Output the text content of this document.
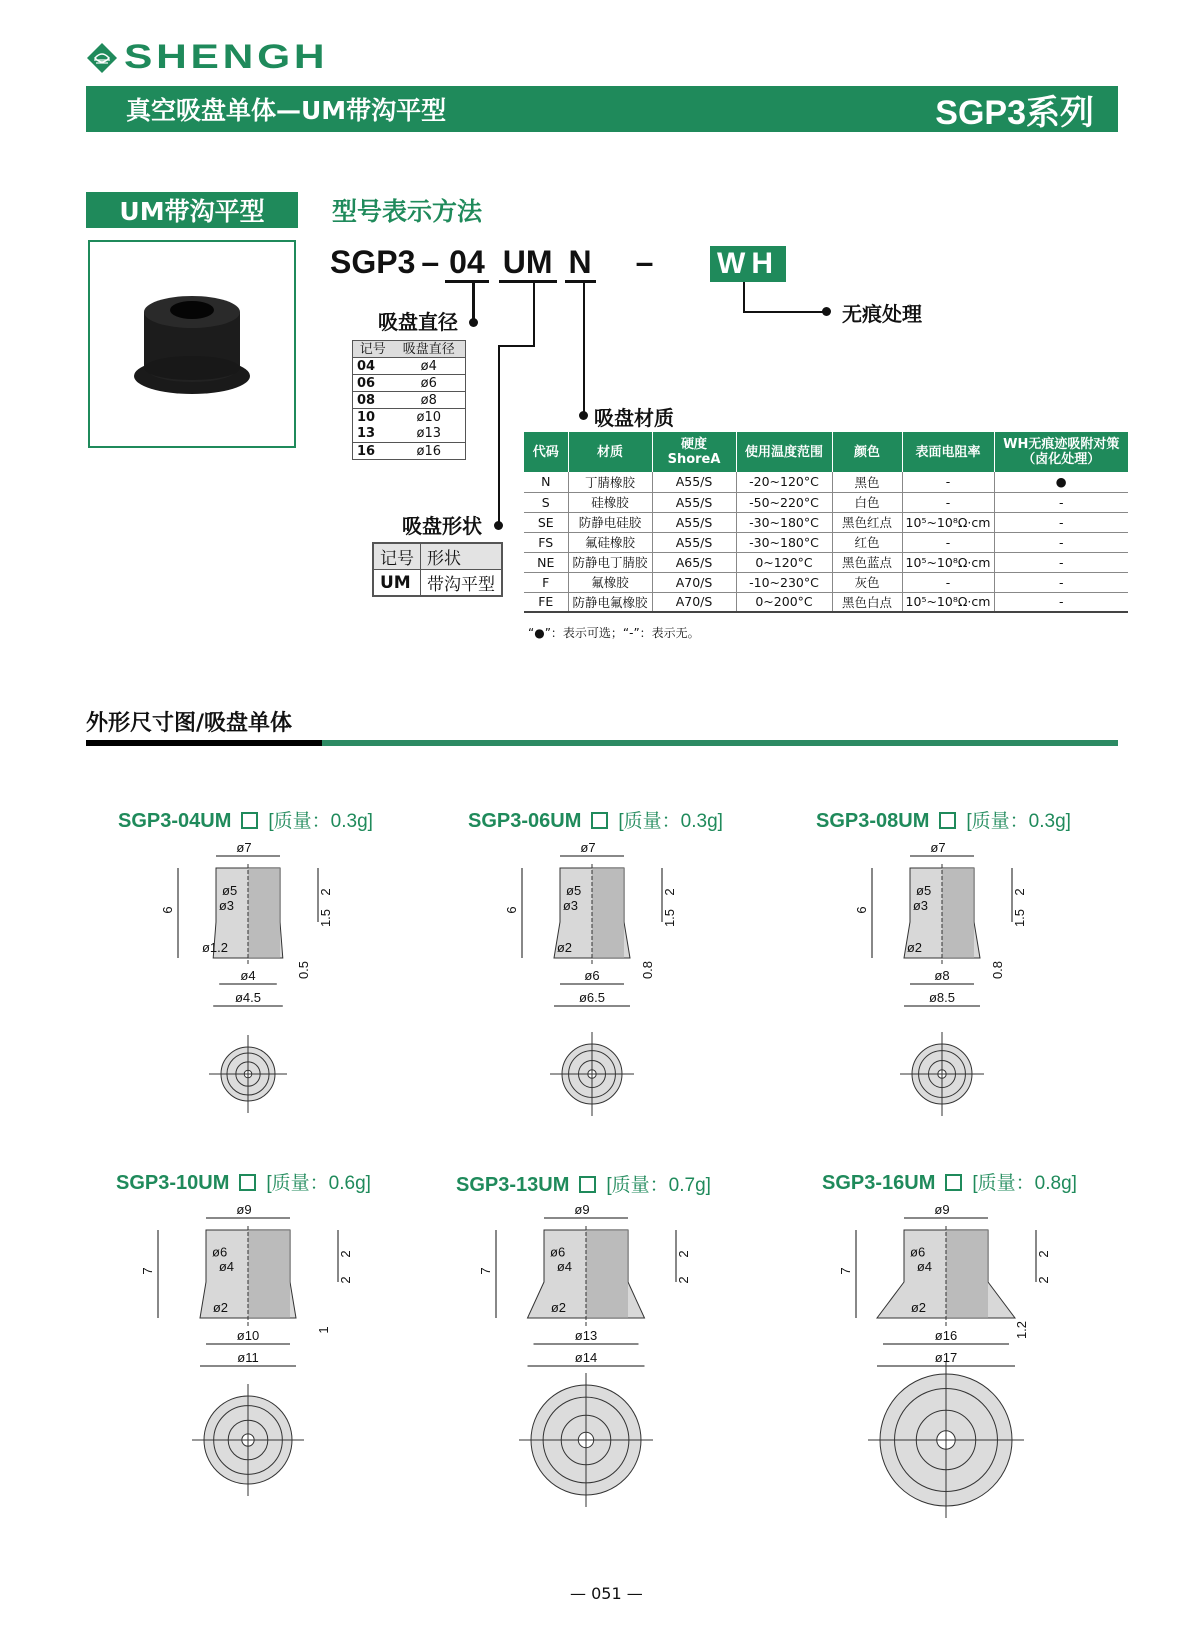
SHENGH
真空吸盘单体—UM带沟平型	SGP3系列
UM带沟平型	型号表示方法
SGP3 – 04 UM N – WH
吸盘直径
吸盘形状
吸盘材质
无痕处理
记号	吸盘直径
04	ø4
06	ø6
08	ø8
10	ø10
13	ø13
16	ø16
记号	形状
UM	带沟平型
代码	材质	硬度 ShoreA	使用温度范围	颜色	表面电阻率	WH无痕迹吸附对策（卤化处理）
N	丁腈橡胶	A55/S	-20~120°C	黑色	-	●
S	硅橡胶	A55/S	-50~220°C	白色	-	-
SE	防静电硅胶	A55/S	-30~180°C	黑色红点	10⁵~10⁸Ω·cm	-
FS	氟硅橡胶	A55/S	-30~180°C	红色	-	-
NE	防静电丁腈胶	A65/S	0~120°C	黑色蓝点	10⁵~10⁸Ω·cm	-
F	氟橡胶	A70/S	-10~230°C	灰色	-	-
FE	防静电氟橡胶	A70/S	0~200°C	黑色白点	10⁵~10⁸Ω·cm	-
“●”：表示可选；“-”：表示无。
外形尺寸图/吸盘单体
SGP3-04UM [质量：0.3g]
ø7
ø5
ø3
6
2
1.5
0.5
ø1.2
ø4
ø4.5
SGP3-06UM [质量：0.3g]
ø7
ø5
ø3
6
2
1.5
0.8
ø2
ø6
ø6.5
SGP3-08UM [质量：0.3g]
ø7
ø5
ø3
6
2
1.5
0.8
ø2
ø8
ø8.5
SGP3-10UM [质量：0.6g]
ø9
ø6
ø4
7
2
2
1
ø2
ø10
ø11
SGP3-13UM [质量：0.7g]
ø9
ø6
ø4
7
2
2
ø2
ø13
ø14
SGP3-16UM [质量：0.8g]
ø9
ø6
ø4
7
2
2
1.2
ø2
ø16
ø17
— 051 —
